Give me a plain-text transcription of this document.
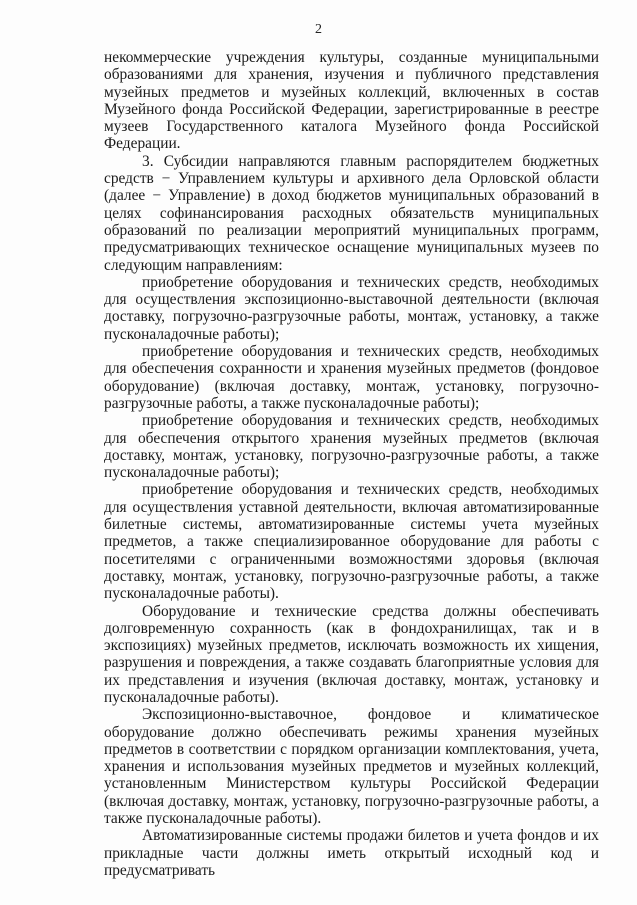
2

некоммерческие учреждения культуры, созданные муниципальными образованиями для хранения, изучения и публичного представления музейных предметов и музейных коллекций, включенных в состав Музейного фонда Российской Федерации, зарегистрированные в реестре музеев Государственного каталога Музейного фонда Российской Федерации.

3. Субсидии направляются главным распорядителем бюджетных средств − Управлением культуры и архивного дела Орловской области (далее − Управление) в доход бюджетов муниципальных образований в целях софинансирования расходных обязательств муниципальных образований по реализации мероприятий муниципальных программ, предусматривающих техническое оснащение муниципальных музеев по следующим направлениям:

приобретение оборудования и технических средств, необходимых для осуществления экспозиционно-выставочной деятельности (включая доставку, погрузочно-разгрузочные работы, монтаж, установку, а также пусконаладочные работы);

приобретение оборудования и технических средств, необходимых для обеспечения сохранности и хранения музейных предметов (фондовое оборудование) (включая доставку, монтаж, установку, погрузочно-разгрузочные работы, а также пусконаладочные работы);

приобретение оборудования и технических средств, необходимых для обеспечения открытого хранения музейных предметов (включая доставку, монтаж, установку, погрузочно-разгрузочные работы, а также пусконаладочные работы);

приобретение оборудования и технических средств, необходимых для осуществления уставной деятельности, включая автоматизированные билетные системы, автоматизированные системы учета музейных предметов, а также специализированное оборудование для работы с посетителями с ограниченными возможностями здоровья (включая доставку, монтаж, установку, погрузочно-разгрузочные работы, а также пусконаладочные работы).

Оборудование и технические средства должны обеспечивать долговременную сохранность (как в фондохранилищах, так и в экспозициях) музейных предметов, исключать возможность их хищения, разрушения и повреждения, а также создавать благоприятные условия для их представления и изучения (включая доставку, монтаж, установку и пусконаладочные работы).

Экспозиционно-выставочное, фондовое и климатическое оборудование должно обеспечивать режимы хранения музейных предметов в соответствии с порядком организации комплектования, учета, хранения и использования музейных предметов и музейных коллекций, установленным Министерством культуры Российской Федерации (включая доставку, монтаж, установку, погрузочно-разгрузочные работы, а также пусконаладочные работы).

Автоматизированные системы продажи билетов и учета фондов и их прикладные части должны иметь открытый исходный код и предусматривать
